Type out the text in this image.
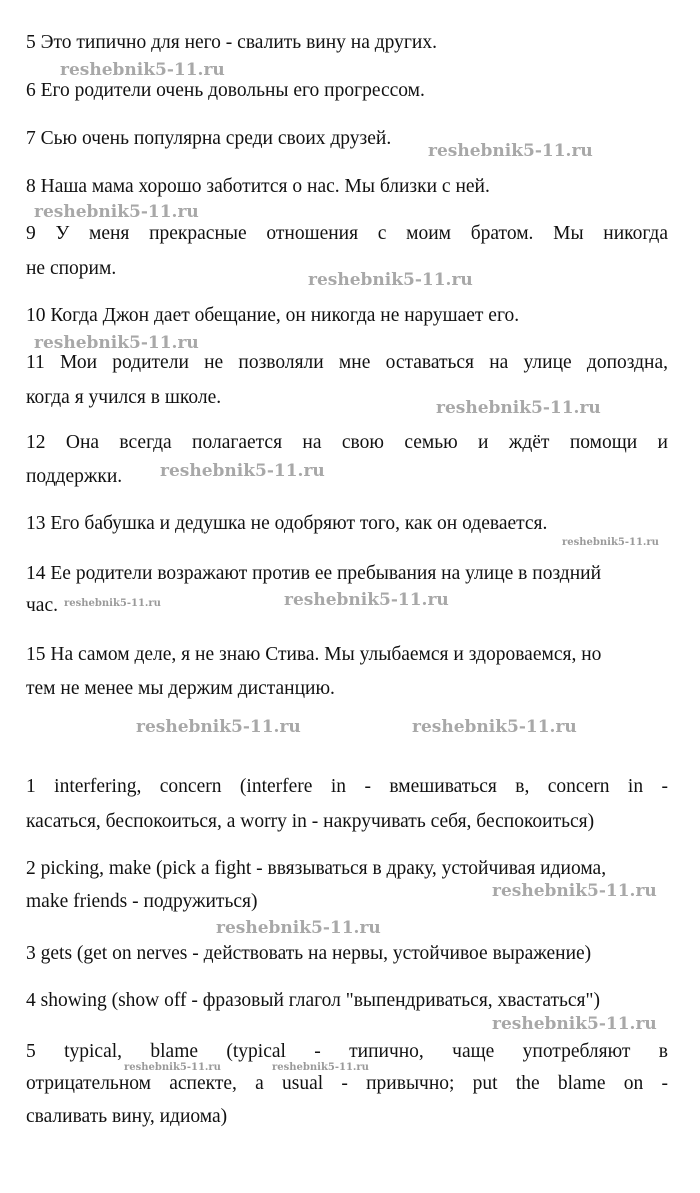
5 Это типично для него - свалить вину на других.
6 Его родители очень довольны его прогрессом.
7 Сью очень популярна среди своих друзей.
8 Наша мама хорошо заботится о нас. Мы близки с ней.
9 У меня прекрасные отношения с моим братом. Мы никогда
не спорим.
10 Когда Джон дает обещание, он никогда не нарушает его.
11 Мои родители не позволяли мне оставаться на улице допоздна,
когда я учился в школе.
12 Она всегда полагается на свою семью и ждёт помощи и
поддержки.
13 Его бабушка и дедушка не одобряют того, как он одевается.
14 Ее родители возражают против ее пребывания на улице в поздний
час.
15 На самом деле, я не знаю Стива. Мы улыбаемся и здороваемся, но
тем не менее мы держим дистанцию.
1 interfering, concern (interfere in - вмешиваться в, concern in -
касаться, беспокоиться, a worry in - накручивать себя, беспокоиться)
2 picking, make (pick a fight - ввязываться в драку, устойчивая идиома,
make friends - подружиться)
3 gets (get on nerves - действовать на нервы, устойчивое выражение)
4 showing (show off - фразовый глагол "выпендриваться, хвастаться")
5 typical, blame (typical - типично, чаще употребляют в
отрицательном аспекте, a usual - привычно; put the blame on -
сваливать вину, идиома)
reshebnik5-11.ru
reshebnik5-11.ru
reshebnik5-11.ru
reshebnik5-11.ru
reshebnik5-11.ru
reshebnik5-11.ru
reshebnik5-11.ru
reshebnik5-11.ru
reshebnik5-11.ru	reshebnik5-11.ru
reshebnik5-11.ru	reshebnik5-11.ru
reshebnik5-11.ru
reshebnik5-11.ru
reshebnik5-11.ru
reshebnik5-11.ru	reshebnik5-11.ru
